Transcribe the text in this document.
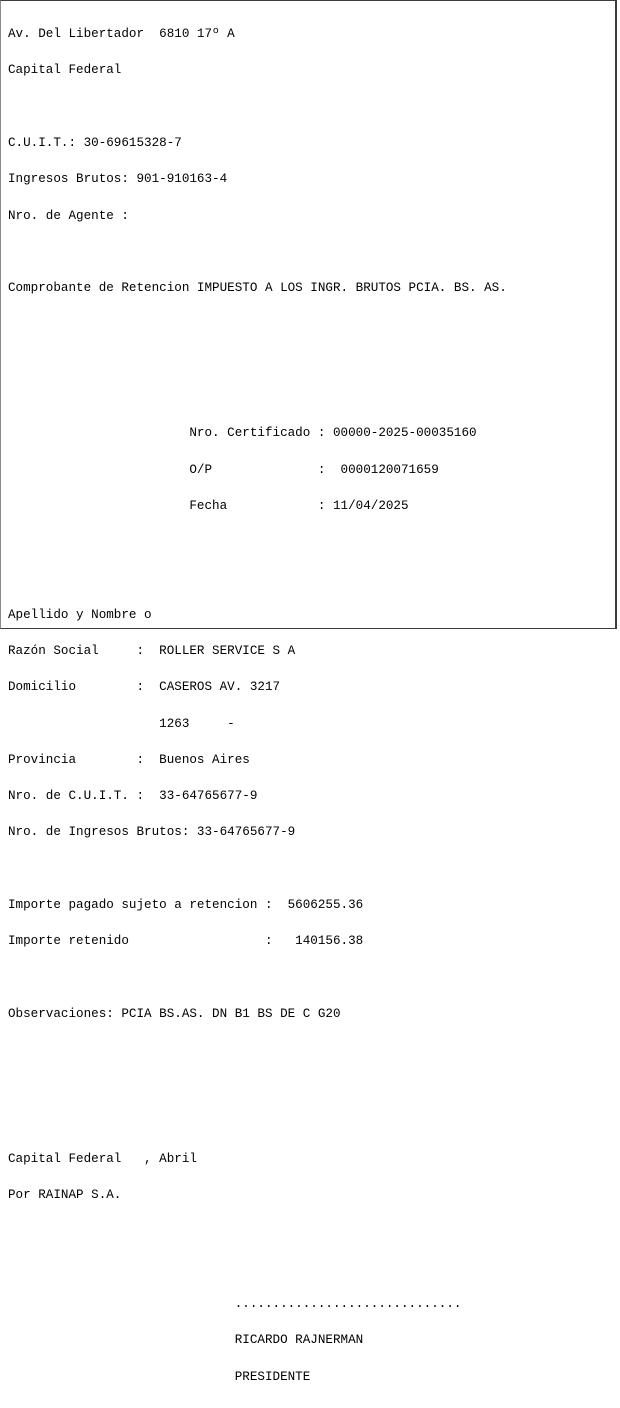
Av. Del Libertador  6810 17º A

Capital Federal

C.U.I.T.: 30-69615328-7

Ingresos Brutos: 901-910163-4

Nro. de Agente :

Comprobante de Retencion IMPUESTO A LOS INGR. BRUTOS PCIA. BS. AS.

Nro. Certificado : 00000-2025-00035160

O/P              :  0000120071659

Fecha            : 11/04/2025

Apellido y Nombre o

Razón Social     :  ROLLER SERVICE S A

Domicilio        :  CASEROS AV. 3217

1263     -

Provincia        :  Buenos Aires

Nro. de C.U.I.T. :  33-64765677-9

Nro. de Ingresos Brutos: 33-64765677-9

Importe pagado sujeto a retencion :  5606255.36

Importe retenido                  :   140156.38

Observaciones: PCIA BS.AS. DN B1 BS DE C G20

Capital Federal   , Abril

Por RAINAP S.A.

..............................

RICARDO RAJNERMAN

PRESIDENTE
